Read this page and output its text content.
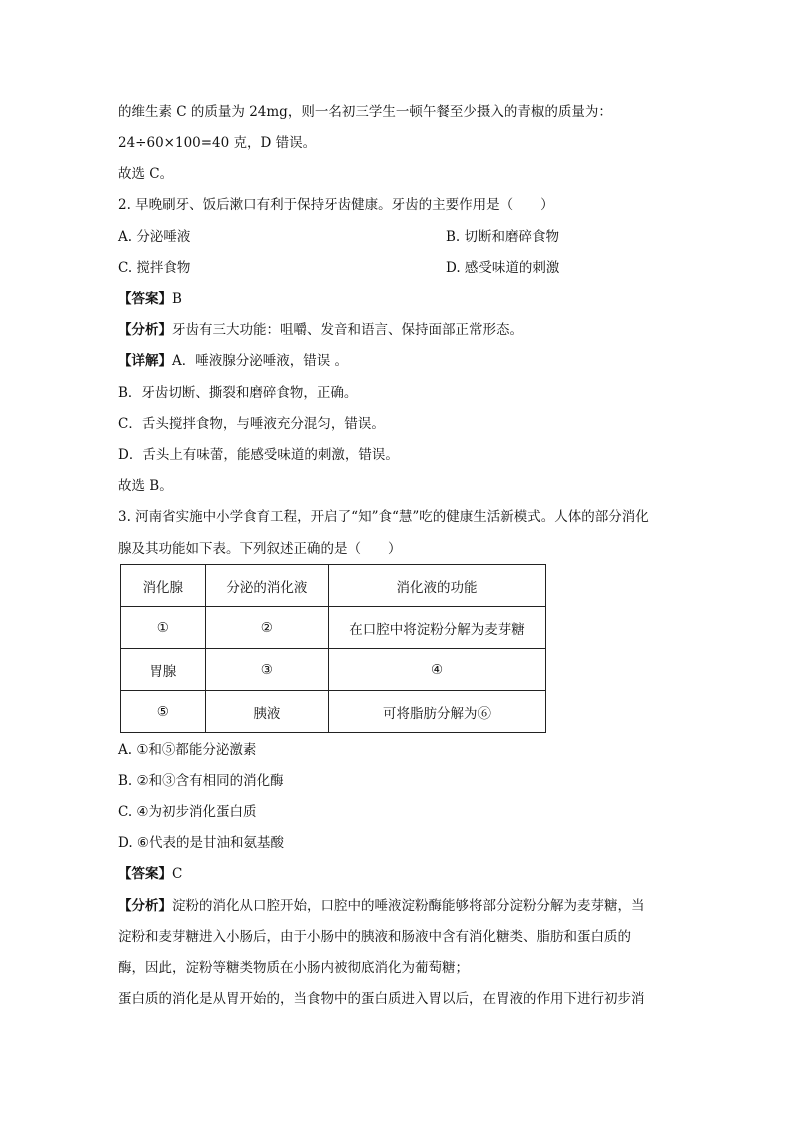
的维生素 C 的质量为 24mg，则一名初三学生一顿午餐至少摄入的青椒的质量为：
24÷60×100=40 克，D 错误。
故选 C。
2. 早晚刷牙、饭后漱口有利于保持牙齿健康。牙齿的主要作用是（　　）
A. 分泌唾液	B. 切断和磨碎食物
C. 搅拌食物	D. 感受味道的刺激
【答案】B
【分析】牙齿有三大功能：咀嚼、发音和语言、保持面部正常形态。
【详解】A．唾液腺分泌唾液，错误 。
B．牙齿切断、撕裂和磨碎食物，正确。
C．舌头搅拌食物，与唾液充分混匀，错误。
D．舌头上有味蕾，能感受味道的刺激，错误。
故选 B。
3. 河南省实施中小学食育工程，开启了“知”食“慧”吃的健康生活新模式。人体的部分消化
腺及其功能如下表。下列叙述正确的是（　　）
消化腺	分泌的消化液	消化液的功能
①	②	在口腔中将淀粉分解为麦芽糖
胃腺	③	④
⑤	胰液	可将脂肪分解为⑥
A. ①和⑤都能分泌激素
B. ②和③含有相同的消化酶
C. ④为初步消化蛋白质
D. ⑥代表的是甘油和氨基酸
【答案】C
【分析】淀粉的消化从口腔开始，口腔中的唾液淀粉酶能够将部分淀粉分解为麦芽糖，当
淀粉和麦芽糖进入小肠后，由于小肠中的胰液和肠液中含有消化糖类、脂肪和蛋白质的
酶，因此，淀粉等糖类物质在小肠内被彻底消化为葡萄糖；
蛋白质的消化是从胃开始的，当食物中的蛋白质进入胃以后，在胃液的作用下进行初步消
